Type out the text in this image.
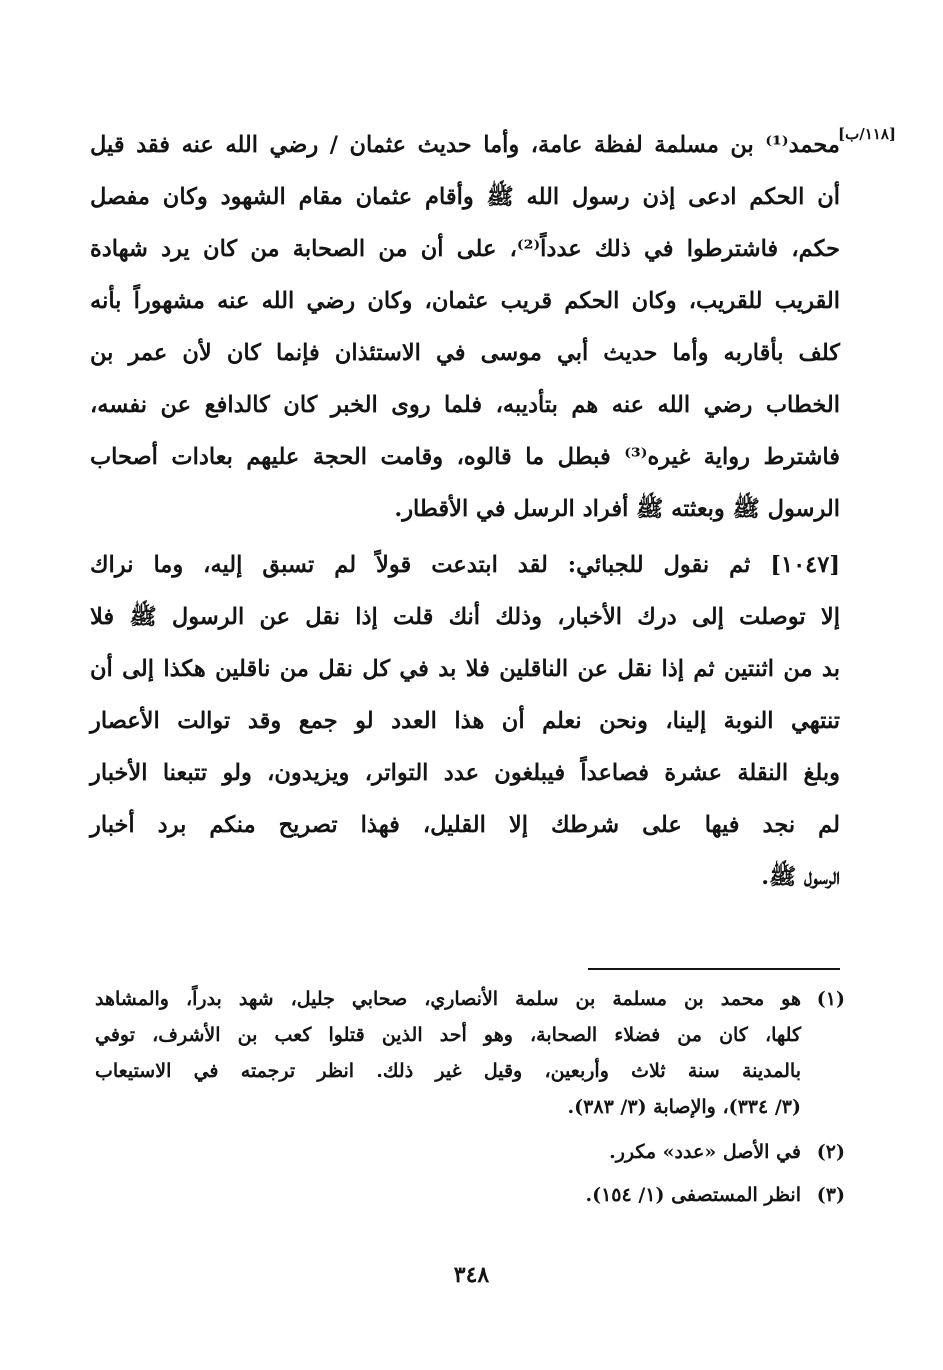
[١١٨/ب]
محمد⁽¹⁾ بن مسلمة لفظة عامة، وأما حديث عثمان / رضي الله عنه فقد قيل
أن الحكم ادعى إذن رسول الله ﷺ وأقام عثمان مقام الشهود وكان مفصل
حكم، فاشترطوا في ذلك عدداً⁽²⁾، على أن من الصحابة من كان يرد شهادة
القريب للقريب، وكان الحكم قريب عثمان، وكان رضي الله عنه مشهوراً بأنه
كلف بأقاربه وأما حديث أبي موسى في الاستئذان فإنما كان لأن عمر بن
الخطاب رضي الله عنه هم بتأديبه، فلما روى الخبر كان كالدافع عن نفسه،
فاشترط رواية غيره⁽³⁾ فبطل ما قالوه، وقامت الحجة عليهم بعادات أصحاب
الرسول ﷺ وبعثته ﷺ أفراد الرسل في الأقطار.
[١٠٤٧] ثم نقول للجبائي: لقد ابتدعت قولاً لم تسبق إليه، وما نراك
إلا توصلت إلى درك الأخبار، وذلك أنك قلت إذا نقل عن الرسول ﷺ فلا
بد من اثنتين ثم إذا نقل عن الناقلين فلا بد في كل نقل من ناقلين هكذا إلى أن
تنتهي النوبة إلينا، ونحن نعلم أن هذا العدد لو جمع وقد توالت الأعصار
وبلغ النقلة عشرة فصاعداً فيبلغون عدد التواتر، ويزيدون، ولو تتبعنا الأخبار
لم نجد فيها على شرطك إلا القليل، فهذا تصريح منكم برد أخبار
الرسول ﷺ.
(١)
هو محمد بن مسلمة بن سلمة الأنصاري، صحابي جليل، شهد بدراً، والمشاهد
كلها، كان من فضلاء الصحابة، وهو أحد الذين قتلوا كعب بن الأشرف، توفي
بالمدينة سنة ثلاث وأربعين، وقيل غير ذلك. انظر ترجمته في الاستيعاب
(٣/ ٣٣٤)، والإصابة (٣/ ٣٨٣).
(٢)
في الأصل «عدد» مكرر.
(٣)
انظر المستصفى (١/ ١٥٤).
٣٤٨
